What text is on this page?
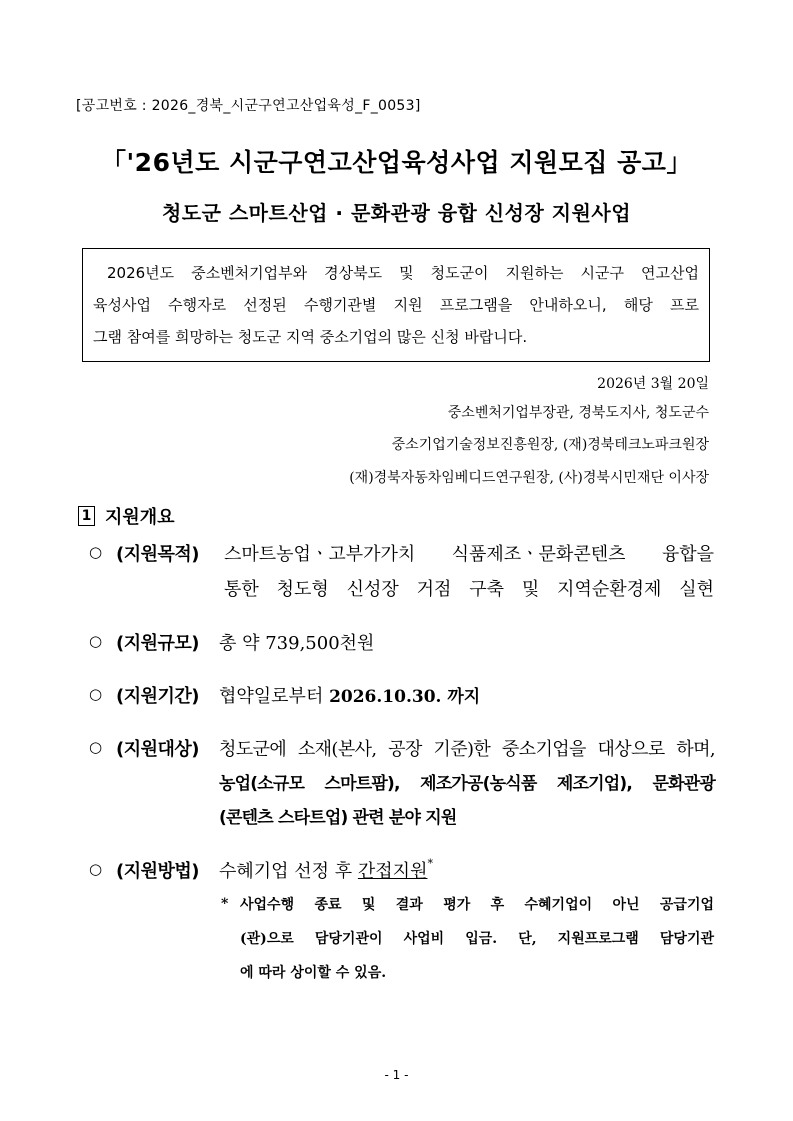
[공고번호 : 2026_경북_시군구연고산업육성_F_0053]
「'26년도 시군구연고산업육성사업 지원모집 공고」
청도군 스마트산업 · 문화관광 융합 신성장 지원사업
2026년도 중소벤처기업부와 경상북도 및 청도군이 지원하는 시군구 연고산업
육성사업 수행자로 선정된 수행기관별 지원 프로그램을 안내하오니, 해당 프로
그램 참여를 희망하는 청도군 지역 중소기업의 많은 신청 바랍니다.
2026년 3월 20일
중소벤처기업부장관, 경북도지사, 청도군수
중소기업기술정보진흥원장, (재)경북테크노파크원장
(재)경북자동차임베디드연구원장, (사)경북시민재단 이사장
1 지원개요
○ (지원목적) 스마트농업ㆍ고부가가치 식품제조ㆍ문화콘텐츠 융합을
통한 청도형 신성장 거점 구축 및 지역순환경제 실현
○ (지원규모) 총 약 739,500천원
○ (지원기간) 협약일로부터 2026.10.30. 까지
○ (지원대상) 청도군에 소재(본사, 공장 기준)한 중소기업을 대상으로 하며,
농업(소규모 스마트팜), 제조가공(농식품 제조기업), 문화관광
(콘텐츠 스타트업) 관련 분야 지원
○ (지원방법) 수혜기업 선정 후 간접지원*
* 사업수행 종료 및 결과 평가 후 수혜기업이 아닌 공급기업
(관)으로 담당기관이 사업비 입금. 단, 지원프로그램 담당기관
에 따라 상이할 수 있음.
- 1 -
